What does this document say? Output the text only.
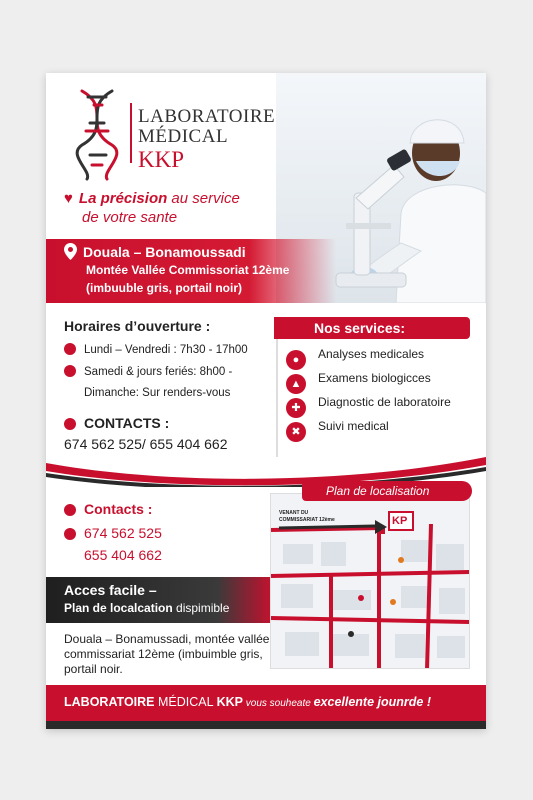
LABORATOIRE
MÉDICAL
KKP
♥ La précision au service
de votre sante
Douala – Bonamoussadi
Montée Vallée Commissoriat 12ème
(imbuuble gris, portail noir)
Horaires d’ouverture :
Lundi – Vendredi : 7h30 - 17h00
Samedi & jours feriés: 8h00 -
Dimanche: Sur renders-vous
CONTACTS :
674 562 525/ 655 404 662
Nos services:
● Analyses medicales
▲ Examens biologicces
✚ Diagnostic de laboratoire
✖ Suivi medical
Contacts :
674 562 525
655 404 662
Acces facile –
Plan de localcation dispimible
Douala – Bonamussadi, montée vallée commissariat 12ème (imbuimble gris, portail noir.
VENANT DU
COMMISSARIAT 12ème	KP
Plan de localisation
LABORATOIRE MÉDICAL KKP vous souheate excellente jounrde !
